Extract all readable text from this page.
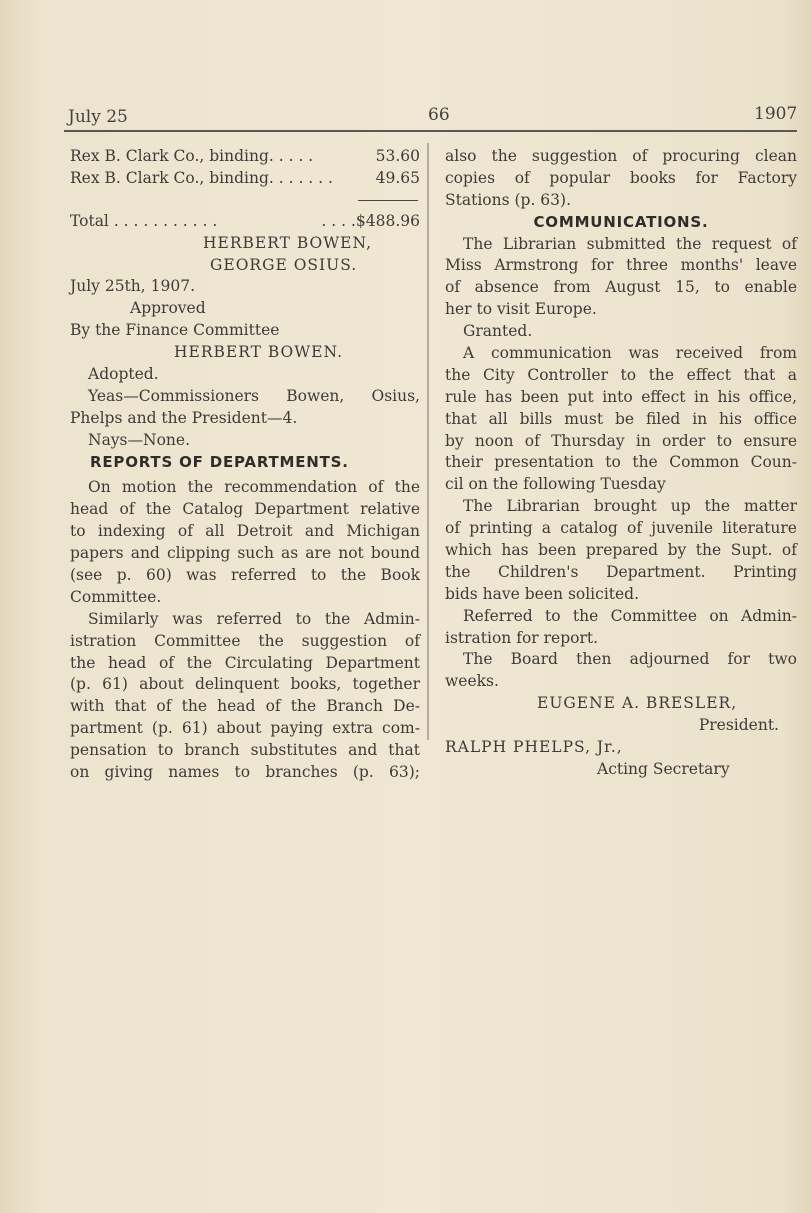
July 25	66	1907
Rex B. Clark Co., binding. . . . .	53.60
Rex B. Clark Co., binding. . . . . . .	49.65
Total . . . . . . . . . . .	. . . .$488.96
HERBERT BOWEN,
GEORGE OSIUS.
July 25th, 1907.
Approved
By the Finance Committee
HERBERT BOWEN.
Adopted.
Yeas—Commissioners Bowen, Osius,
Phelps and the President—4.
Nays—None.
REPORTS OF DEPARTMENTS.
On motion the recommendation of the
head of the Catalog Department relative
to indexing of all Detroit and Michigan
papers and clipping such as are not bound
(see p. 60) was referred to the Book
Committee.
Similarly was referred to the Admin-
istration Committee the suggestion of
the head of the Circulating Department
(p. 61) about delinquent books, together
with that of the head of the Branch De-
partment (p. 61) about paying extra com-
pensation to branch substitutes and that
on giving names to branches (p. 63);
also the suggestion of procuring clean
copies of popular books for Factory
Stations (p. 63).
COMMUNICATIONS.
The Librarian submitted the request of
Miss Armstrong for three months' leave
of absence from August 15, to enable
her to visit Europe.
Granted.
A communication was received from
the City Controller to the effect that a
rule has been put into effect in his office,
that all bills must be filed in his office
by noon of Thursday in order to ensure
their presentation to the Common Coun-
cil on the following Tuesday
The Librarian brought up the matter
of printing a catalog of juvenile literature
which has been prepared by the Supt. of
the Children's Department. Printing
bids have been solicited.
Referred to the Committee on Admin-
istration for report.
The Board then adjourned for two
weeks.
EUGENE A. BRESLER,
President.
RALPH PHELPS, Jr.,
Acting Secretary
